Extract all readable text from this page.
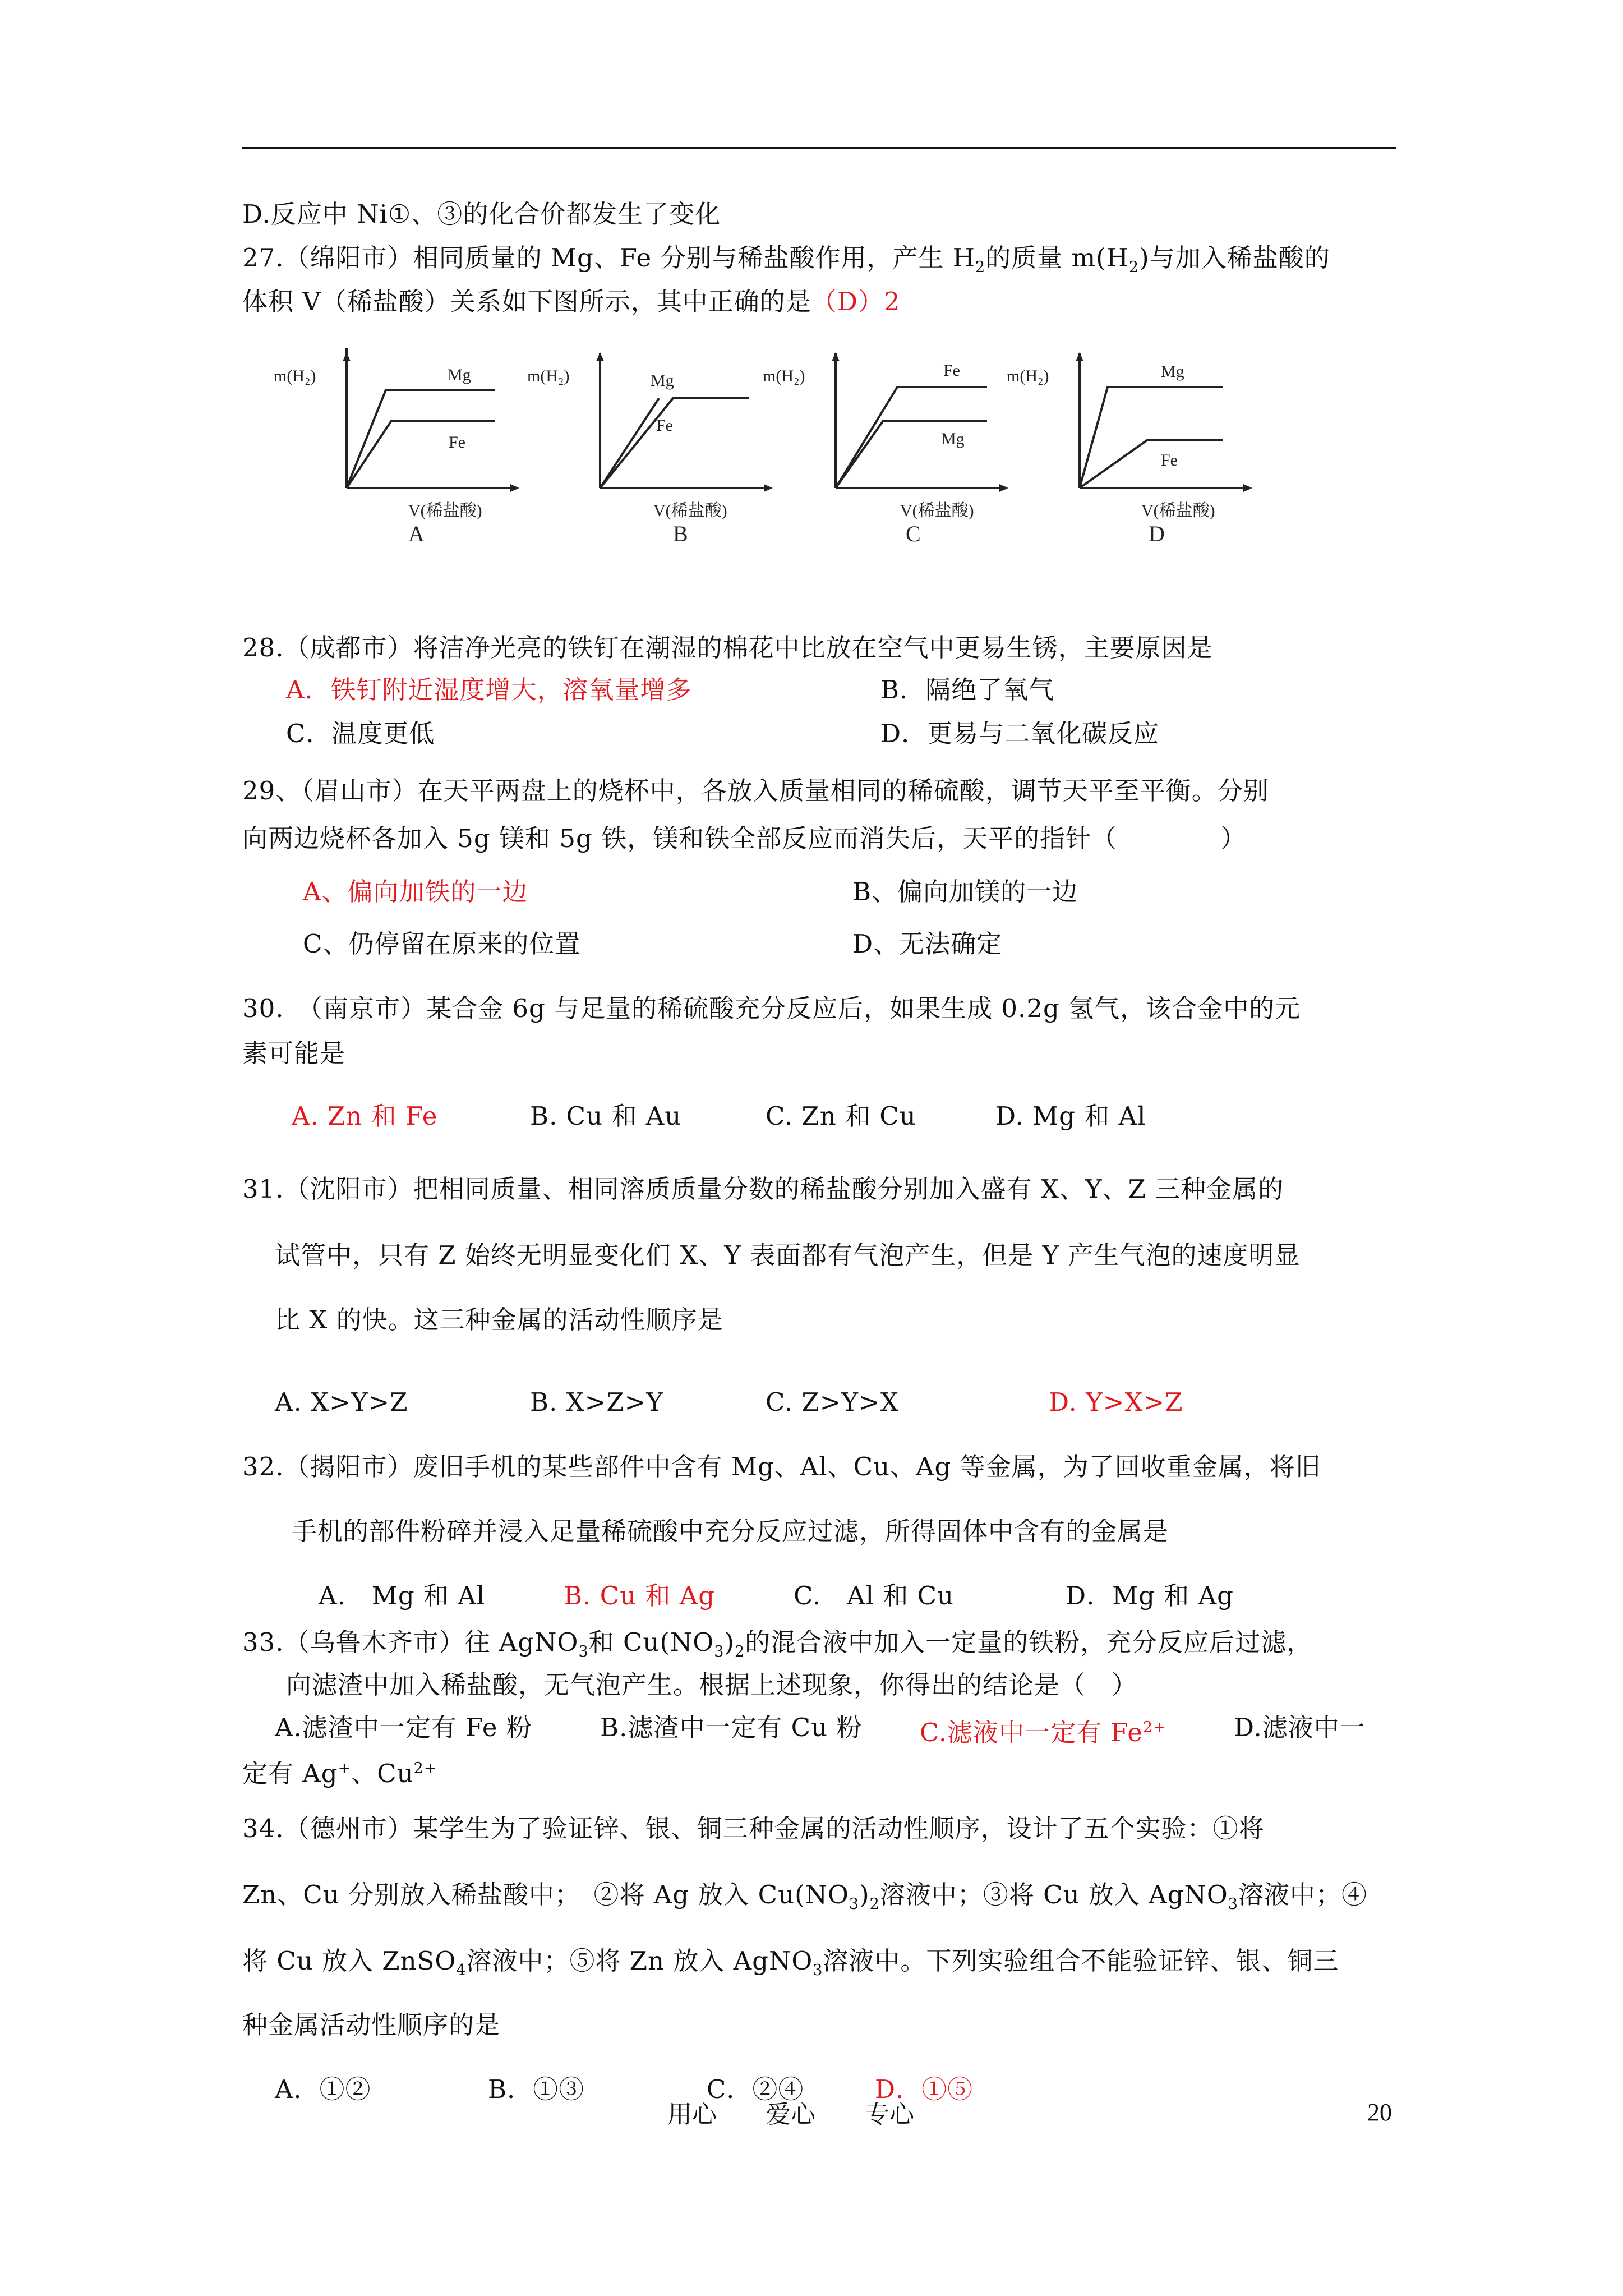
D.反应中 Ni①、③的化合价都发生了变化
27.（绵阳市）相同质量的 Mg、Fe 分别与稀盐酸作用，产生 $H_2$的质量 $m(H_2)$与加入稀盐酸的
体积 V（稀盐酸）关系如下图所示，其中正确的是（D）2
m(H₂)	Mg
Fe
V(稀盐酸)
A
m(H₂)	Mg
Fe
V(稀盐酸)
B
m(H₂)	Fe
Mg
V(稀盐酸)
C
m(H₂)	Mg
Fe
V(稀盐酸)
D
28.（成都市）将洁净光亮的铁钉在潮湿的棉花中比放在空气中更易生锈，主要原因是
A．铁钉附近湿度增大，溶氧量增多	B．隔绝了氧气
C．温度更低	D．更易与二氧化碳反应
29、（眉山市）在天平两盘上的烧杯中，各放入质量相同的稀硫酸，调节天平至平衡。分别
向两边烧杯各加入 5g 镁和 5g 铁，镁和铁全部反应而消失后，天平的指针（　　　　）
A、偏向加铁的一边	B、偏向加镁的一边
C、仍停留在原来的位置	D、无法确定
30.　（南京市）某合金 6g 与足量的稀硫酸充分反应后，如果生成 0.2g 氢气，该合金中的元
素可能是
A. Zn 和 Fe	B. Cu 和 Au	C. Zn 和 Cu	D. Mg 和 Al
31.（沈阳市）把相同质量、相同溶质质量分数的稀盐酸分别加入盛有 X、Y、Z 三种金属的
试管中，只有 Z 始终无明显变化们 X、Y 表面都有气泡产生，但是 Y 产生气泡的速度明显
比 X 的快。这三种金属的活动性顺序是
A. X>Y>Z	B. X>Z>Y	C. Z>Y>X	D. Y>X>Z
32.（揭阳市）废旧手机的某些部件中含有 Mg、Al、Cu、Ag 等金属，为了回收重金属，将旧
手机的部件粉碎并浸入足量稀硫酸中充分反应过滤，所得固体中含有的金属是
A.　Mg 和 Al	B. Cu 和 Ag	C.　Al 和 Cu	D．Mg 和 Ag
33.（乌鲁木齐市）往 AgNO$_3$和 $Cu(NO_3)_2$的混合液中加入一定量的铁粉，充分反应后过滤，
向滤渣中加入稀盐酸，无气泡产生。根据上述现象，你得出的结论是（　）
A.滤渣中一定有 Fe 粉	B.滤渣中一定有 Cu 粉 C.滤液中一定有 $Fe^{2+}$	D.滤液中一
定有 Ag+、$Cu^{2+}$
34.（德州市）某学生为了验证锌、银、铜三种金属的活动性顺序，设计了五个实验：①将
Zn、Cu 分别放入稀盐酸中；　②将 Ag 放入 $Cu(NO_3)_2$溶液中；③将 Cu 放入 AgNO$_3$溶液中；④
将 Cu 放入 ZnSO$_4$溶液中；⑤将 Zn 放入 AgNO$_3$溶液中。下列实验组合不能验证锌、银、铜三
种金属活动性顺序的是
A．①②	B．①③	C．②④	D．①⑤
用心　　爱心　　专心	20
